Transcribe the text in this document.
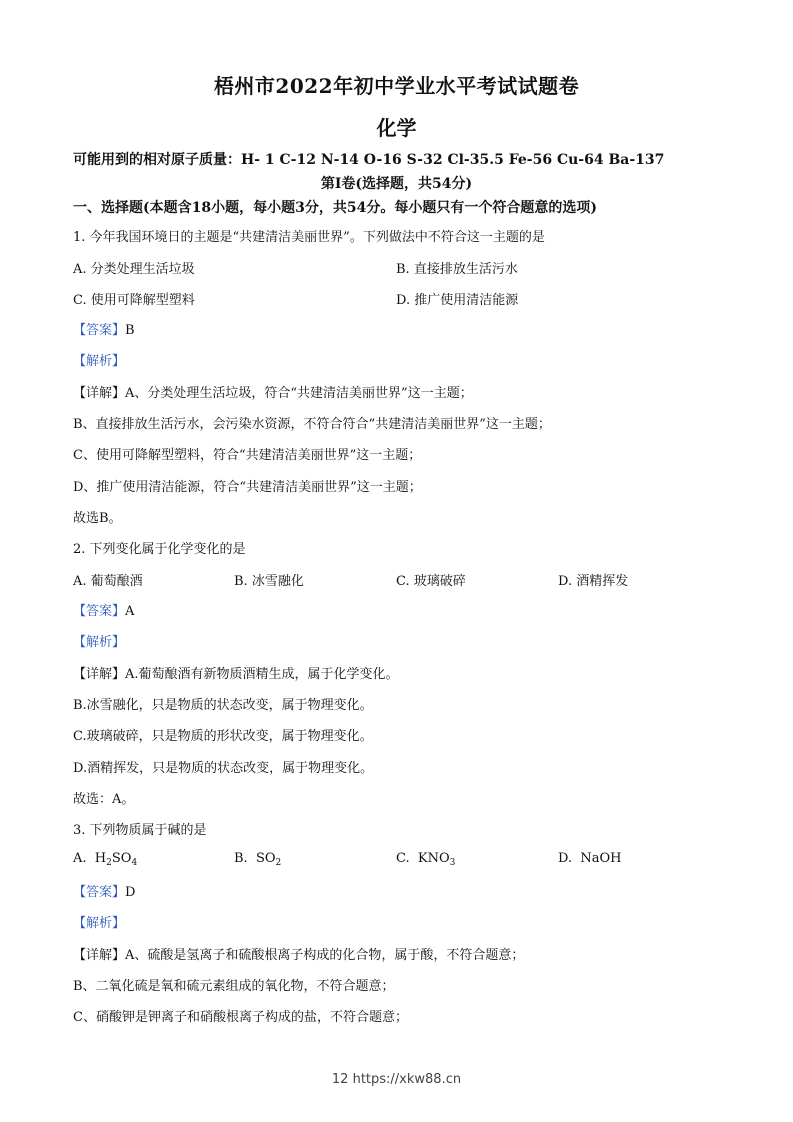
梧州市2022年初中学业水平考试试题卷
化学
可能用到的相对原子质量：H- 1 C-12 N-14 O-16 S-32 Cl-35.5 Fe-56 Cu-64 Ba-137
第Ⅰ卷(选择题，共54分)
一、选择题(本题含18小题，每小题3分，共54分。每小题只有一个符合题意的选项)
1. 今年我国环境日的主题是“共建清洁美丽世界”。下列做法中不符合这一主题的是
A. 分类处理生活垃圾	B. 直接排放生活污水
C. 使用可降解型塑料	D. 推广使用清洁能源
【答案】B
【解析】
【详解】A、分类处理生活垃圾，符合“共建清洁美丽世界”这一主题；
B、直接排放生活污水，会污染水资源，不符合符合“共建清洁美丽世界”这一主题；
C、使用可降解型塑料，符合“共建清洁美丽世界”这一主题；
D、推广使用清洁能源，符合“共建清洁美丽世界”这一主题；
故选B。
2. 下列变化属于化学变化的是
A. 葡萄酿酒	B. 冰雪融化	C. 玻璃破碎	D. 酒精挥发
【答案】A
【解析】
【详解】A.葡萄酿酒有新物质酒精生成，属于化学变化。
B.冰雪融化，只是物质的状态改变，属于物理变化。
C.玻璃破碎，只是物质的形状改变，属于物理变化。
D.酒精挥发，只是物质的状态改变，属于物理变化。
故选：A。
3. 下列物质属于碱的是
A. $H_2SO_4$	B. $SO_2$	C. $KNO_3$	D. NaOH
【答案】D
【解析】
【详解】A、硫酸是氢离子和硫酸根离子构成的化合物，属于酸，不符合题意；
B、二氧化硫是氧和硫元素组成的氧化物，不符合题意；
C、硝酸钾是钾离子和硝酸根离子构成的盐，不符合题意；
12 https://xkw88.cn
